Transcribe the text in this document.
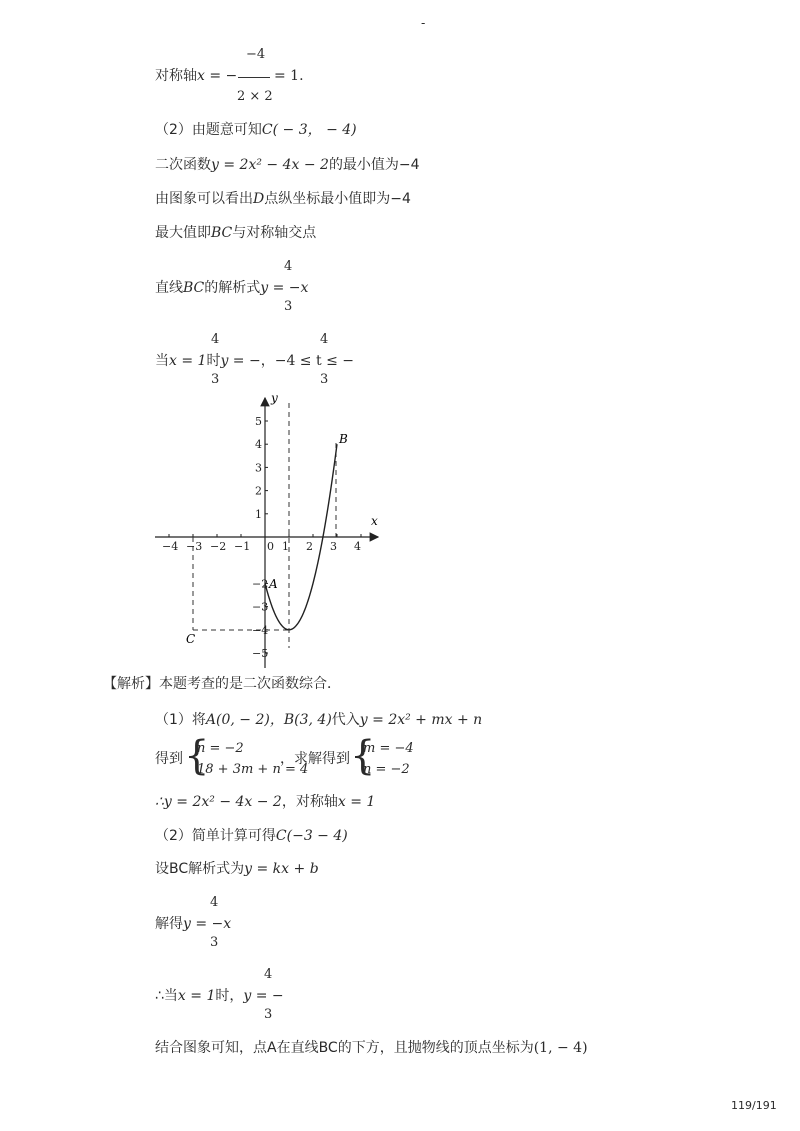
-
−4
对称轴x = −	= 1.
2 × 2
（2）由题意可知C( − 3， − 4)
二次函数y = 2x² − 4x − 2的最小值为−4
由图象可以看出D点纵坐标最小值即为−4
最大值即BC与对称轴交点
4
直线BC的解析式y = −x
3
4	4
当x = 1时y = −，−4 ≤ t ≤ −
3	3
−4 −3 −2 −1 0 1 2 3 4
5
4
3
2
1
−2
−3
−4
−5
x
y
A
B
C
【解析】本题考查的是二次函数综合．
（1）将A(0, − 2)，B(3, 4)代入y = 2x² + mx + n
得到 {
n = −2
18 + 3m + n = 4
，求解得到 {
m = −4
n = −2
∴y = 2x² − 4x − 2，对称轴x = 1
（2）简单计算可得C(−3 − 4)
设BC解析式为y = kx + b
4
解得y = −x
3
4
∴当x = 1时，y = −
3
结合图象可知，点A在直线BC的下方，且抛物线的顶点坐标为(1, − 4)
119/191
